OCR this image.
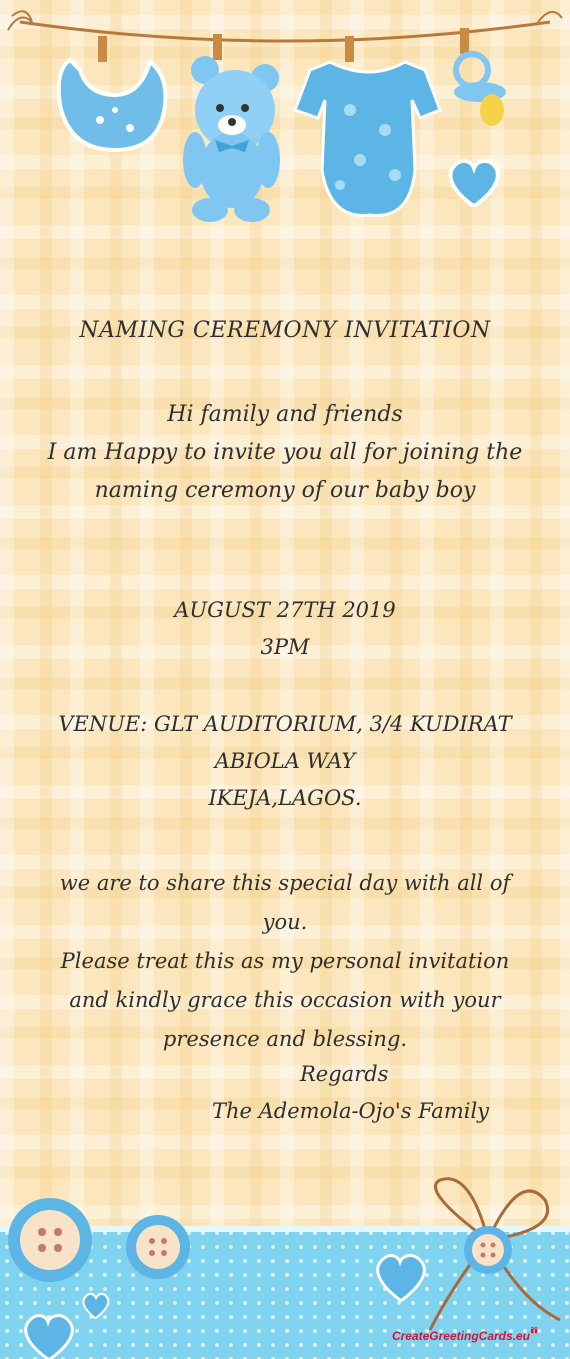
NAMING CEREMONY INVITATION
Hi family and friends
I am Happy to invite you all for joining the
naming ceremony of our baby boy
AUGUST 27TH 2019
3PM
VENUE: GLT AUDITORIUM, 3/4 KUDIRAT
ABIOLA WAY
IKEJA,LAGOS.
we are to share this special day with all of
you.
Please treat this as my personal invitation
and kindly grace this occasion with your
presence and blessing.
Regards
The Ademola-Ojo's Family
CreateGreetingCards.eu
